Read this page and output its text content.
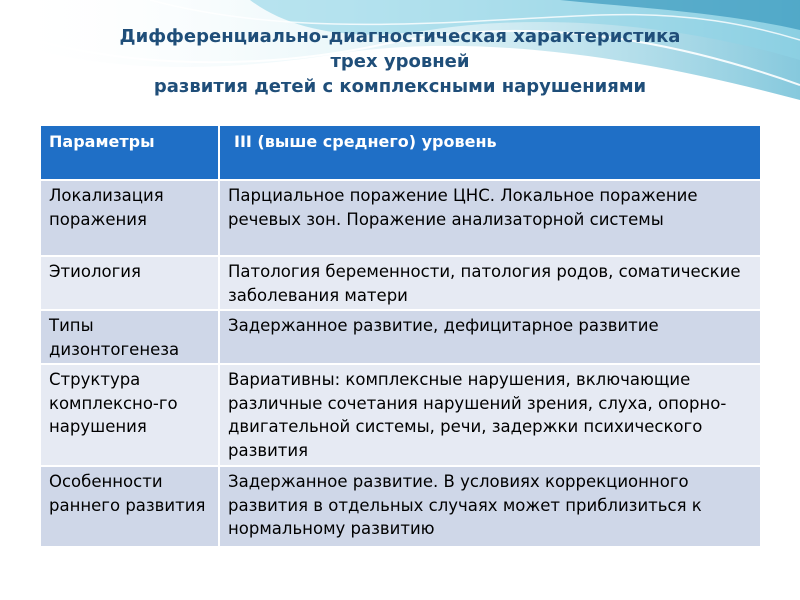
Дифференциально-диагностическая характеристика
трех уровней
развития детей с комплексными нарушениями
Параметры	III (выше среднего) уровень
Локализация поражения	Парциальное поражение ЦНС. Локальное поражение речевых зон. Поражение анализаторной системы
Этиология	Патология беременности, патология родов, соматические заболевания матери
Типы дизонтогенеза	Задержанное развитие, дефицитарное развитие
Структура комплексно-го нарушения	Вариативны: комплексные нарушения, включающие различные сочетания нарушений зрения, слуха, опорно-двигательной системы, речи, задержки психического развития
Особенности раннего развития	Задержанное развитие. В условиях коррекционного развития в отдельных случаях может приблизиться к нормальному развитию
